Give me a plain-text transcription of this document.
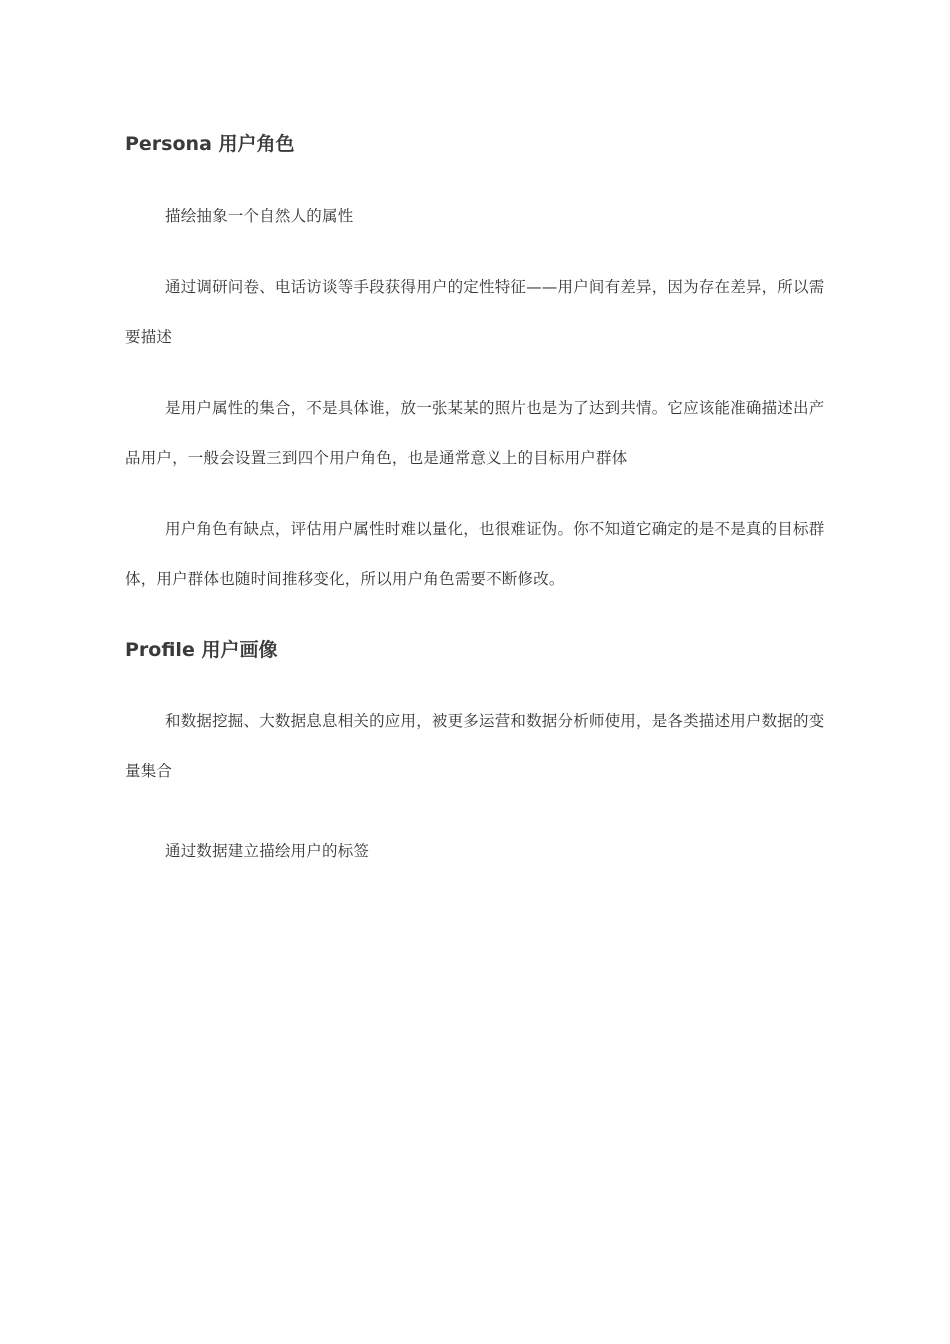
Persona 用户角色

描绘抽象一个自然人的属性

通过调研问卷、电话访谈等手段获得用户的定性特征——用户间有差异，因为存在差异，所以需要描述

是用户属性的集合，不是具体谁，放一张某某的照片也是为了达到共情。它应该能准确描述出产品用户，一般会设置三到四个用户角色，也是通常意义上的目标用户群体

用户角色有缺点，评估用户属性时难以量化，也很难证伪。你不知道它确定的是不是真的目标群体，用户群体也随时间推移变化，所以用户角色需要不断修改。

Profile 用户画像

和数据挖掘、大数据息息相关的应用，被更多运营和数据分析师使用，是各类描述用户数据的变量集合

通过数据建立描绘用户的标签
